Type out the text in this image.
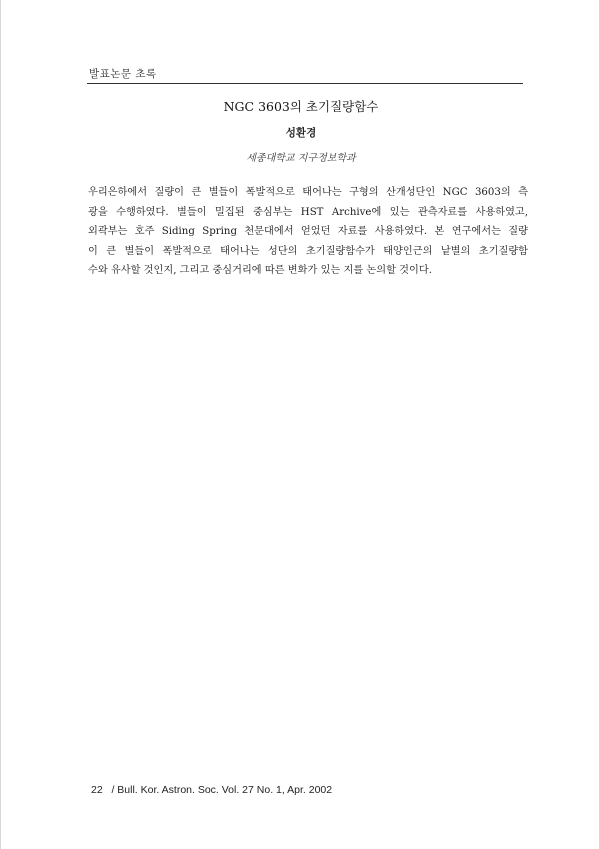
발표논문 초록
NGC 3603의 초기질량함수
성환경
세종대학교 지구정보학과
우리은하에서 질량이 큰 별들이 폭발적으로 태어나는 구형의 산개성단인 NGC 3603의 측
광을 수행하였다. 별들이 밀집된 중심부는 HST Archive에 있는 관측자료를 사용하였고,
외곽부는 호주 Siding Spring 천문대에서 얻었던 자료를 사용하였다. 본 연구에서는 질량
이 큰 별들이 폭발적으로 태어나는 성단의 초기질량함수가 태양인근의 낱별의 초기질량함
수와 유사할 것인지, 그리고 중심거리에 따른 변화가 있는 지를 논의할 것이다.
22 / Bull. Kor. Astron. Soc. Vol. 27 No. 1, Apr. 2002
